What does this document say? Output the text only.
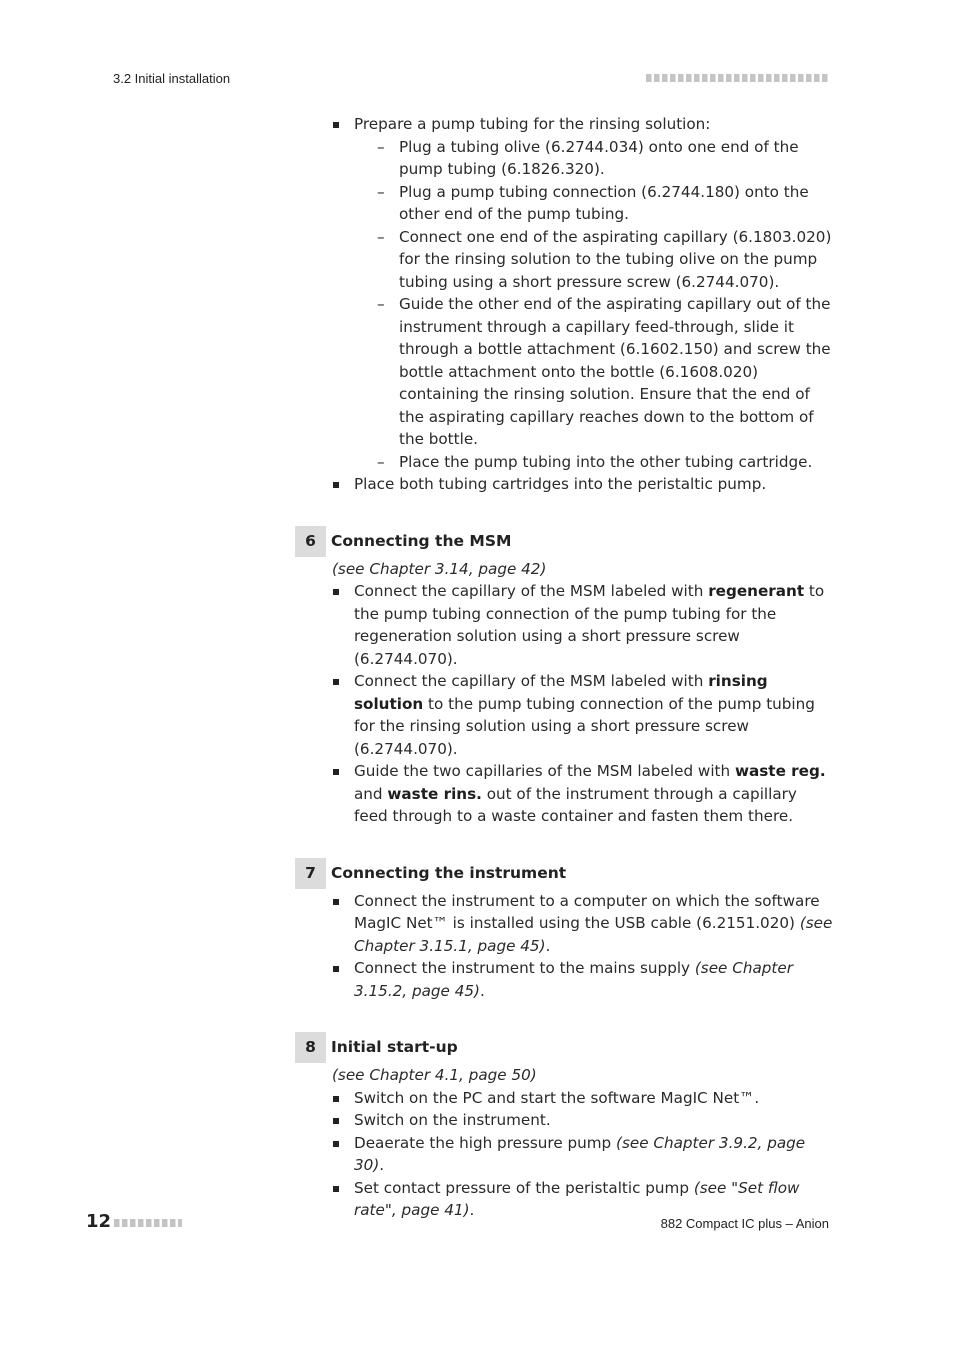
3.2 Initial installation
Prepare a pump tubing for the rinsing solution:
– Plug a tubing olive (6.2744.034) onto one end of the pump tubing (6.1826.320).
– Plug a pump tubing connection (6.2744.180) onto the other end of the pump tubing.
– Connect one end of the aspirating capillary (6.1803.020) for the rinsing solution to the tubing olive on the pump tubing using a short pressure screw (6.2744.070).
– Guide the other end of the aspirating capillary out of the instrument through a capillary feed-through, slide it through a bottle attachment (6.1602.150) and screw the bottle attachment onto the bottle (6.1608.020) containing the rinsing solution. Ensure that the end of the aspirating capillary reaches down to the bottom of the bottle.
– Place the pump tubing into the other tubing cartridge.
Place both tubing cartridges into the peristaltic pump.
6 Connecting the MSM
(see Chapter 3.14, page 42)
Connect the capillary of the MSM labeled with regenerant to the pump tubing connection of the pump tubing for the regeneration solution using a short pressure screw (6.2744.070).
Connect the capillary of the MSM labeled with rinsing solution to the pump tubing connection of the pump tubing for the rinsing solution using a short pressure screw (6.2744.070).
Guide the two capillaries of the MSM labeled with waste reg. and waste rins. out of the instrument through a capillary feed through to a waste container and fasten them there.
7 Connecting the instrument
Connect the instrument to a computer on which the software MagIC Net™ is installed using the USB cable (6.2151.020) (see Chapter 3.15.1, page 45).
Connect the instrument to the mains supply (see Chapter 3.15.2, page 45).
8 Initial start-up
(see Chapter 4.1, page 50)
Switch on the PC and start the software MagIC Net™.
Switch on the instrument.
Deaerate the high pressure pump (see Chapter 3.9.2, page 30).
Set contact pressure of the peristaltic pump (see "Set flow rate", page 41).
12	882 Compact IC plus – Anion
